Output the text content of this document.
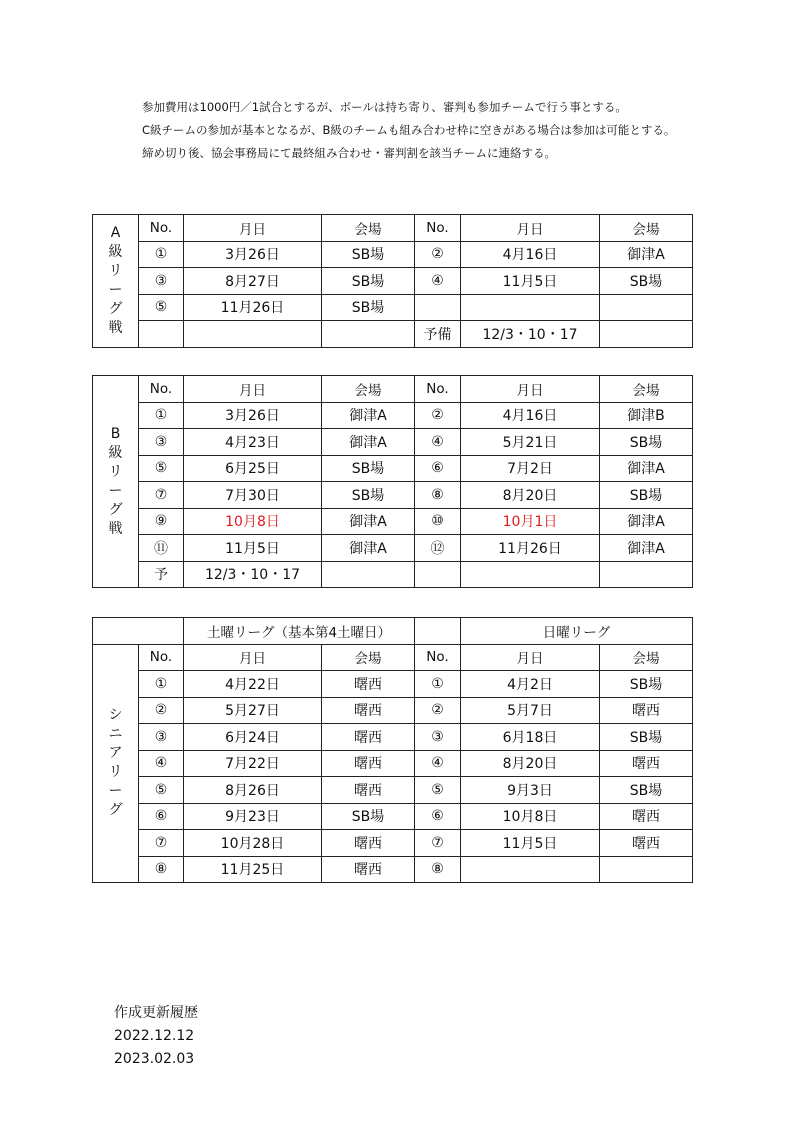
参加費用は1000円／1試合とするが、ボールは持ち寄り、審判も参加チームで行う事とする。

C級チームの参加が基本となるが、B級のチームも組み合わせ枠に空きがある場合は参加は可能とする。

締め切り後、協会事務局にて最終組み合わせ・審判割を該当チームに連絡する。

A級リーグ戦	No.	月日	会場	No.	月日	会場
	①	3月26日	SB場	②	4月16日	御津A
	③	8月27日	SB場	④	11月5日	SB場
	⑤	11月26日	SB場			
				予備	12/3・10・17	
B級リーグ戦	No.	月日	会場	No.	月日	会場
	①	3月26日	御津A	②	4月16日	御津B
	③	4月23日	御津A	④	5月21日	SB場
	⑤	6月25日	SB場	⑥	7月2日	御津A
	⑦	7月30日	SB場	⑧	8月20日	SB場
	⑨	10月8日	御津A	⑩	10月1日	御津A
	⑪	11月5日	御津A	⑫	11月26日	御津A
	予	12/3・10・17				
		土曜リーグ（基本第4土曜日）			日曜リーグ	
シニアリーグ	No.	月日	会場	No.	月日	会場
	①	4月22日	曙西	①	4月2日	SB場
	②	5月27日	曙西	②	5月7日	曙西
	③	6月24日	曙西	③	6月18日	SB場
	④	7月22日	曙西	④	8月20日	曙西
	⑤	8月26日	曙西	⑤	9月3日	SB場
	⑥	9月23日	SB場	⑥	10月8日	曙西
	⑦	10月28日	曙西	⑦	11月5日	曙西
	⑧	11月25日	曙西	⑧		
作成更新履歴
2022.12.12
2023.02.03
